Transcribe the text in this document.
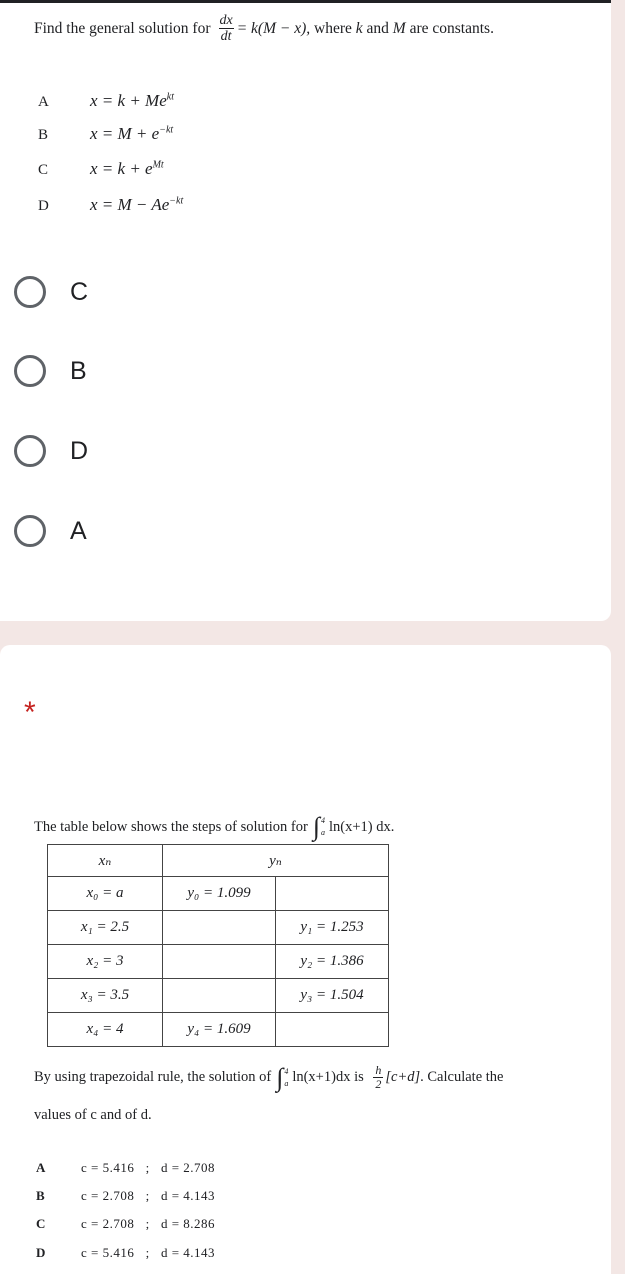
Find the general solution for $\frac{dx}{dt} = k(M - x)$, where k and M are constants.
A	$x = k + Me^{kt}$
B	$x = M + e^{-kt}$
C	$x = k + e^{Mt}$
D	$x = M - Ae^{-kt}$
C
B
D
A
*
The table below shows the steps of solution for ∫ 4
a ln(x+1) dx.
xₙ	yₙ	
x₀ = a	y₀ = 1.099	
x₁ = 2.5		y₁ = 1.253
x₂ = 3		y₂ = 1.386
x₃ = 3.5		y₃ = 1.504
x₄ = 4	y₄ = 1.609	
By using trapezoidal rule, the solution of ∫ 4
a ln(x+1)dx is h
2 [c+d] . Calculate the
values of c and of d.
A	c = 5.416   ;   d = 2.708
B	c = 2.708   ;   d = 4.143
C	c = 2.708   ;   d = 8.286
D	c = 5.416   ;   d = 4.143
